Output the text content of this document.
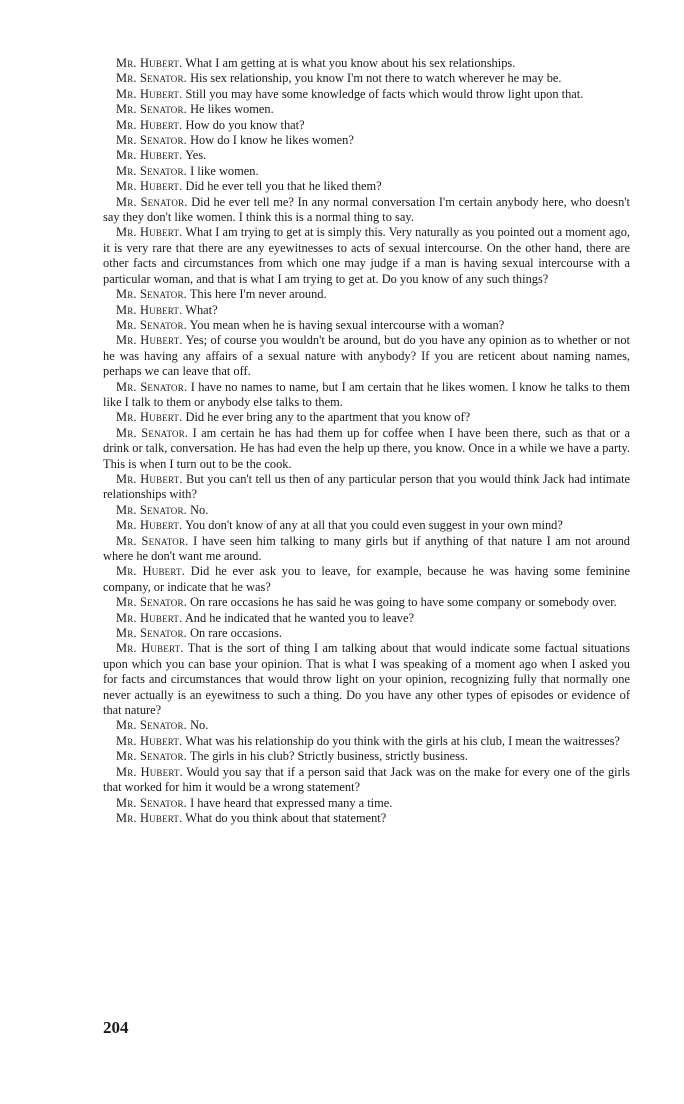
Mr. Hubert. What I am getting at is what you know about his sex relationships.

Mr. Senator. His sex relationship, you know I'm not there to watch wherever he may be.

Mr. Hubert. Still you may have some knowledge of facts which would throw light upon that.

Mr. Senator. He likes women.

Mr. Hubert. How do you know that?

Mr. Senator. How do I know he likes women?

Mr. Hubert. Yes.

Mr. Senator. I like women.

Mr. Hubert. Did he ever tell you that he liked them?

Mr. Senator. Did he ever tell me? In any normal conversation I'm certain anybody here, who doesn't say they don't like women. I think this is a normal thing to say.

Mr. Hubert. What I am trying to get at is simply this. Very naturally as you pointed out a moment ago, it is very rare that there are any eyewitnesses to acts of sexual intercourse. On the other hand, there are other facts and circumstances from which one may judge if a man is having sexual intercourse with a particular woman, and that is what I am trying to get at. Do you know of any such things?

Mr. Senator. This here I'm never around.

Mr. Hubert. What?

Mr. Senator. You mean when he is having sexual intercourse with a woman?

Mr. Hubert. Yes; of course you wouldn't be around, but do you have any opinion as to whether or not he was having any affairs of a sexual nature with anybody? If you are reticent about naming names, perhaps we can leave that off.

Mr. Senator. I have no names to name, but I am certain that he likes women. I know he talks to them like I talk to them or anybody else talks to them.

Mr. Hubert. Did he ever bring any to the apartment that you know of?

Mr. Senator. I am certain he has had them up for coffee when I have been there, such as that or a drink or talk, conversation. He has had even the help up there, you know. Once in a while we have a party. This is when I turn out to be the cook.

Mr. Hubert. But you can't tell us then of any particular person that you would think Jack had intimate relationships with?

Mr. Senator. No.

Mr. Hubert. You don't know of any at all that you could even suggest in your own mind?

Mr. Senator. I have seen him talking to many girls but if anything of that nature I am not around where he don't want me around.

Mr. Hubert. Did he ever ask you to leave, for example, because he was having some feminine company, or indicate that he was?

Mr. Senator. On rare occasions he has said he was going to have some company or somebody over.

Mr. Hubert. And he indicated that he wanted you to leave?

Mr. Senator. On rare occasions.

Mr. Hubert. That is the sort of thing I am talking about that would indicate some factual situations upon which you can base your opinion. That is what I was speaking of a moment ago when I asked you for facts and circumstances that would throw light on your opinion, recognizing fully that normally one never actually is an eyewitness to such a thing. Do you have any other types of episodes or evidence of that nature?

Mr. Senator. No.

Mr. Hubert. What was his relationship do you think with the girls at his club, I mean the waitresses?

Mr. Senator. The girls in his club? Strictly business, strictly business.

Mr. Hubert. Would you say that if a person said that Jack was on the make for every one of the girls that worked for him it would be a wrong statement?

Mr. Senator. I have heard that expressed many a time.

Mr. Hubert. What do you think about that statement?

204
